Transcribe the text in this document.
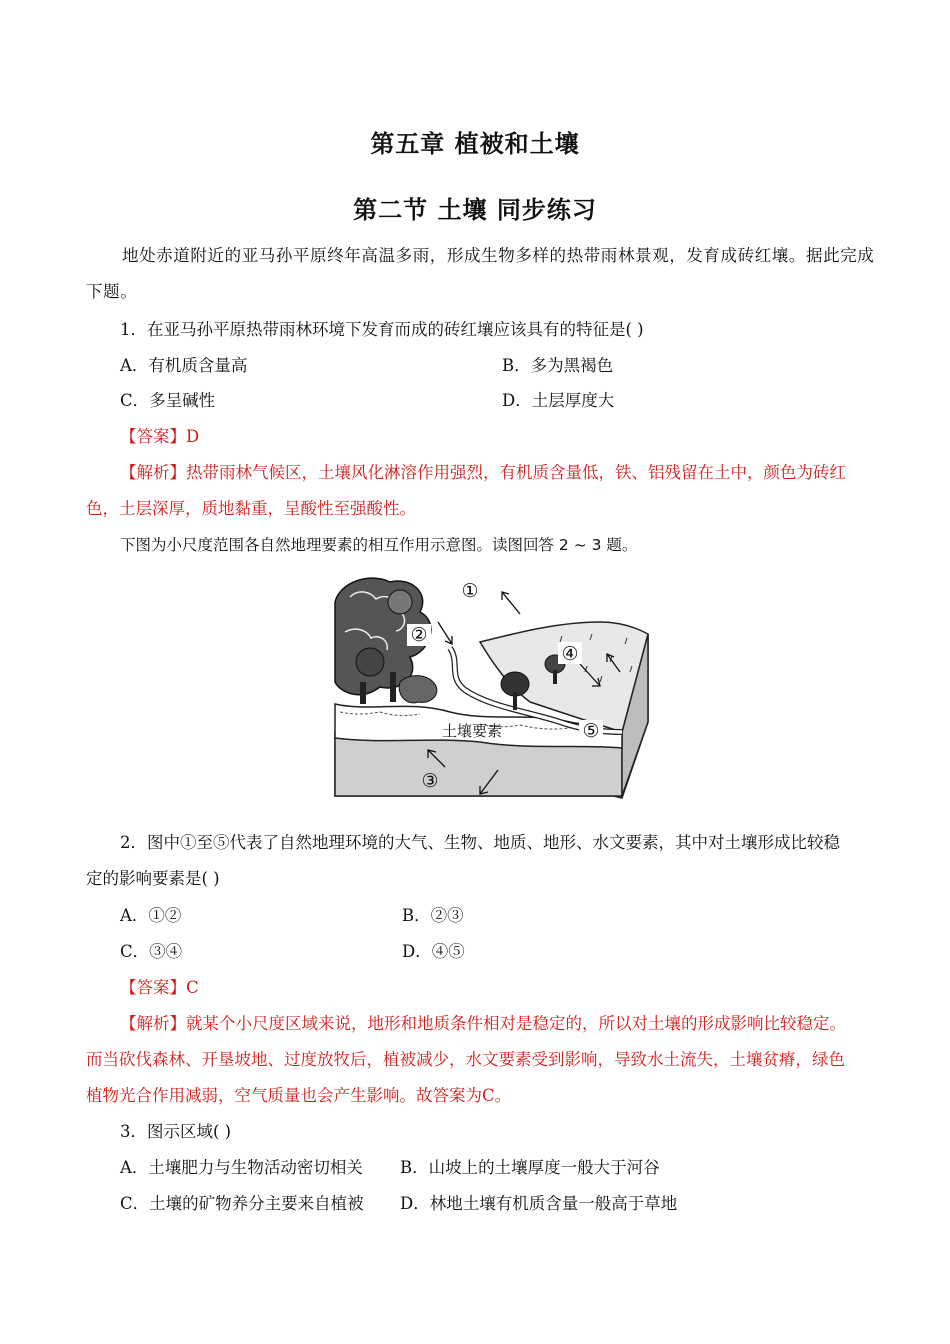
第五章 植被和土壤
第二节 土壤 同步练习
地处赤道附近的亚马孙平原终年高温多雨，形成生物多样的热带雨林景观，发育成砖红壤。据此完成
下题。
1．在亚马孙平原热带雨林环境下发育而成的砖红壤应该具有的特征是( )
A．有机质含量高	B．多为黑褐色
C．多呈碱性	D．土层厚度大
【答案】D
【解析】热带雨林气候区，土壤风化淋溶作用强烈，有机质含量低，铁、铝残留在土中，颜色为砖红
色，土层深厚，质地黏重，呈酸性至强酸性。
下图为小尺度范围各自然地理要素的相互作用示意图。读图回答 2 ~ 3 题。
①
②
③
④
⑤
土壤要素
2．图中①至⑤代表了自然地理环境的大气、生物、地质、地形、水文要素，其中对土壤形成比较稳
定的影响要素是( )
A．①②	B．②③
C．③④	D．④⑤
【答案】C
【解析】就某个小尺度区域来说，地形和地质条件相对是稳定的，所以对土壤的形成影响比较稳定。
而当砍伐森林、开垦坡地、过度放牧后，植被减少，水文要素受到影响，导致水土流失，土壤贫瘠，绿色
植物光合作用减弱，空气质量也会产生影响。故答案为C。
3．图示区域( )
A．土壤肥力与生物活动密切相关 B．山坡上的土壤厚度一般大于河谷
C．土壤的矿物养分主要来自植被 D．林地土壤有机质含量一般高于草地
